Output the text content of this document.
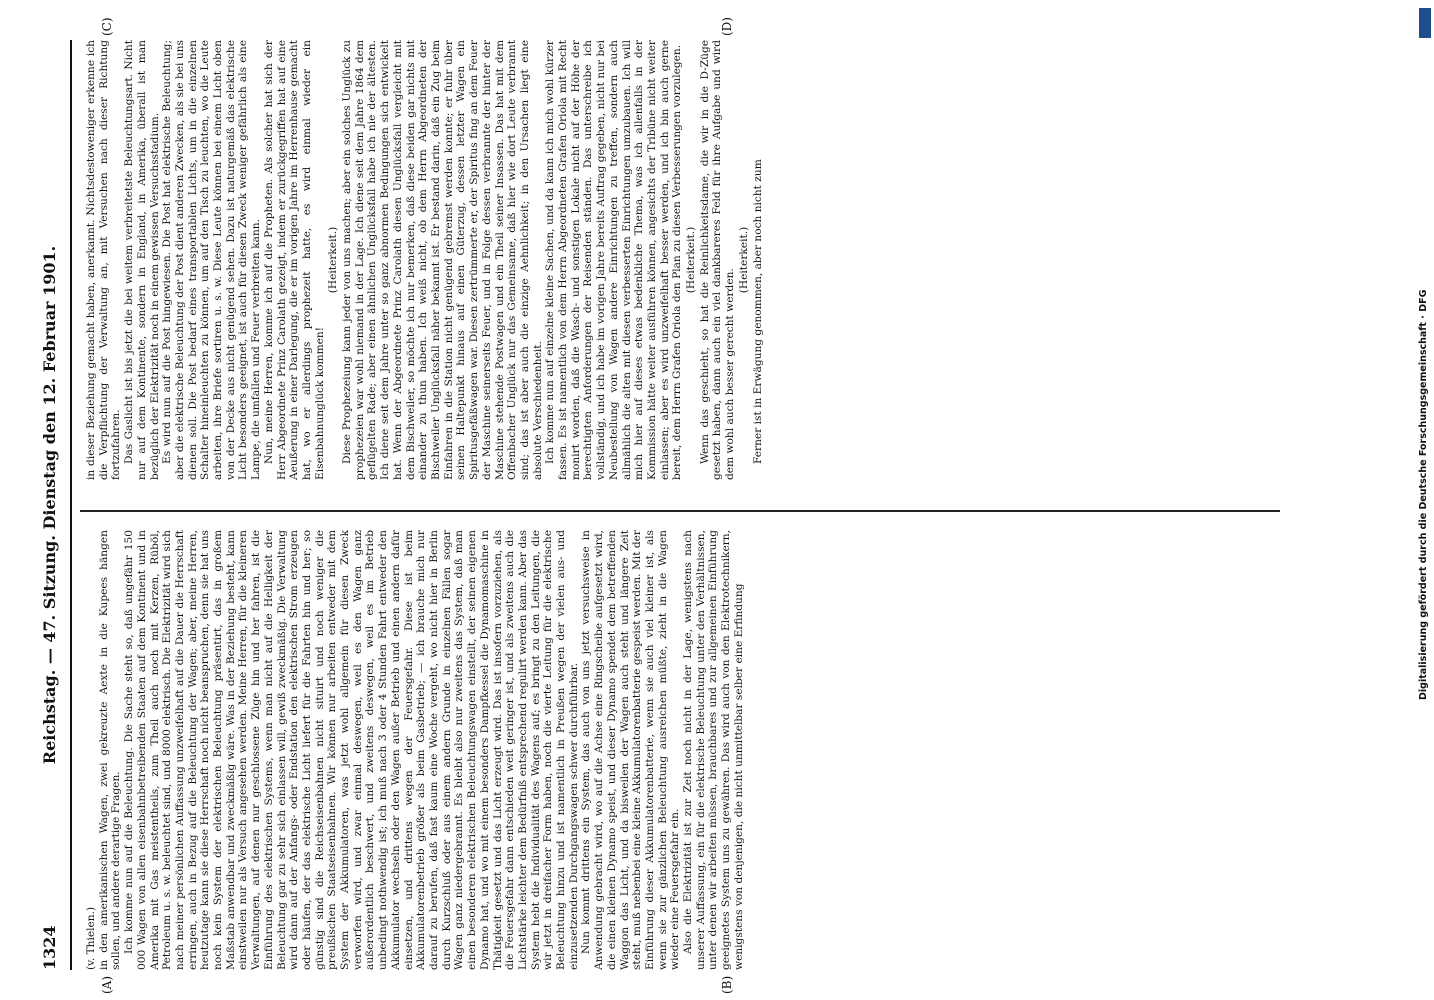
1324
Reichstag. — 47. Sitzung. Dienstag den 12. Februar 1901.
(A)	(B)
(C)	(D)

(v. Thielen.) in den amerikanischen Wagen, zwei gekreuzte Aexte in die Kupees hängen sollen, und andere derartige Fragen. Ich komme nun auf die Beleuchtung. Die Sache steht so, daß ungefähr 150 000 Wagen von allen eisenbahnbetreibenden Staaten auf dem Kontinent und in Amerika mit Gas meistentheils, zum Theil auch noch mit Kerzen, Rüböl, Petroleum u. s. w. beleuchtet sind, und 8000 elektrisch. Die Elektrizität wird sich nach meiner persönlichen Auffassung unzweifelhaft auf die Dauer die Herrschaft erringen, auch in Bezug auf die Beleuchtung der Wagen; aber, meine Herren, heutzutage kann sie diese Herrschaft noch nicht beanspruchen, denn sie hat uns noch kein System der elektrischen Beleuchtung präsentirt, das in großem Maßstab anwendbar und zweckmäßig wäre. Was in der Beziehung besteht, kann einstweilen nur als Versuch angesehen werden. Meine Herren, für die kleineren Verwaltungen, auf denen nur geschlossene Züge hin und her fahren, ist die Einführung des elektrischen Systems, wenn man nicht auf die Helligkeit der Beleuchtung gar zu sehr sich einlassen will, gewiß zweckmäßig. Die Verwaltung wird dann auf der Anfangs- oder Endstation den elektrischen Strom erzeugen oder häufen, der das elektrische Licht liefert für die Fahrten hin und her; so günstig sind die Reichseisenbahnen nicht situirt und noch weniger die preußischen Staatseisenbahnen. Wir können nur arbeiten entweder mit dem System der Akkumulatoren, was jetzt wohl allgemein für diesen Zweck verworfen wird, und zwar einmal deswegen, weil es den Wagen ganz außerordentlich beschwert, und zweitens deswegen, weil es im Betrieb unbedingt nothwendig ist; ich muß nach 3 oder 4 Stunden Fahrt entweder den Akkumulator wechseln oder den Wagen außer Betrieb und einen andern dafür einsetzen, und drittens wegen der Feuersgefahr. Diese ist beim Akkumulatorenbetrieb größer als beim Gasbetrieb; — ich brauche mich nur darauf zu berufen, daß fast kaum eine Woche vergeht, wo nicht hier in Berlin durch Kurzschluß oder aus einem andern Grunde in einzelnen Fällen sogar Wagen ganz niedergebrannt. Es bleibt also nur zweitens das System, daß man einen besonderen elektrischen Beleuchtungswagen einstellt, der seinen eigenen Dynamo hat, und wo mit einem besonders Dampfkessel die Dynamomaschine in Thätigkeit gesetzt und das Licht erzeugt wird. Das ist insofern vorzuziehen, als die Feuersgefahr dann entschieden weit geringer ist, und als zweitens auch die Lichtstärke leichter dem Bedürfniß entsprechend regulirt werden kann. Aber das System hebt die Individualität des Wagens auf; es bringt zu den Leitungen, die wir jetzt in dreifacher Form haben, noch die vierte Leitung für die elektrische Beleuchtung hinzu und ist namentlich in Preußen wegen der vielen aus- und einzusetzenden Durchgangswagen schwer durchführbar. Nun kommt drittens ein System, das auch von uns jetzt versuchsweise in Anwendung gebracht wird, wo auf die Achse eine Ringscheibe aufgesetzt wird, die einen kleinen Dynamo speist, und dieser Dynamo spendet dem betreffenden Waggon das Licht, und da bisweilen der Wagen auch steht und längere Zeit steht, muß nebenbei eine kleine Akkumulatorenbatterie gespeist werden. Mit der Einführung dieser Akkumulatorenbatterie, wenn sie auch viel kleiner ist, als wenn sie zur gänzlichen Beleuchtung ausreichen müßte, zieht in die Wagen wieder eine Feuersgefahr ein. Also die Elektrizität ist zur Zeit noch nicht in der Lage, wenigstens nach unserer Auffassung, ein für die elektrische Beleuchtung unter den Verhältnissen, unter denen wir arbeiten müssen, brauchbares und zur allgemeinen Einführung geeignetes System uns zu gewähren. Das wird auch von den Elektrotechnikern, wenigstens von denjenigen, die nicht unmittelbar selber eine Erfindung

in dieser Beziehung gemacht haben, anerkannt. Nichtsdestoweniger erkenne ich die Verpflichtung der Verwaltung an, mit Versuchen nach dieser Richtung fortzufahren. Das Gaslicht ist bis jetzt die bei weitem verbreitetste Beleuchtungsart. Nicht nur auf dem Kontinente, sondern in England, in Amerika, überall ist man bezüglich der Elektrizität noch in einem gewissen Versuchsstadium. Es wird nun auf die Post hingewiesen. Die Post hat elektrische Beleuchtung; aber die elektrische Beleuchtung der Post dient anderen Zwecken, als sie bei uns dienen soll. Die Post bedarf eines transportablen Lichts, um in die einzelnen Schalter hineinleuchten zu können, um auf den Tisch zu leuchten, wo die Leute arbeiten, ihre Briefe sortiren u. s. w. Diese Leute können bei einem Licht oben von der Decke aus nicht genügend sehen. Dazu ist naturgemäß das elektrische Licht besonders geeignet, ist auch für diesen Zweck weniger gefährlich als eine Lampe, die umfallen und Feuer verbreiten kann. Nun, meine Herren, komme ich auf die Propheten. Als solcher hat sich der Herr Abgeordnete Prinz Carolath gezeigt, indem er zurückgegriffen hat auf eine Aeußerung in einer Darlegung, die er im vorigen Jahre im Herrenhause gemacht hat, wo er allerdings prophezeit hatte, es wird einmal wieder ein Eisenbahnunglück kommen!

(Heiterkeit.) Diese Prophezeiung kann jeder von uns machen; aber ein solches Unglück zu prophezeien war wohl niemand in der Lage. Ich diene seit dem Jahre 1864 dem geflügelten Rade; aber einen ähnlichen Unglücksfall habe ich nie der ältesten. Ich diene seit dem Jahre unter so ganz abnormen Bedingungen sich entwickelt hat. Wenn der Abgeordnete Prinz Carolath diesen Unglücksfall vergleicht mit dem Bischweiler, so möchte ich nur bemerken, daß diese beiden gar nichts mit einander zu thun haben. Ich weiß nicht, ob dem Herrn Abgeordneten der Bischweiler Unglücksfall näher bekannt ist. Er bestand darin, daß ein Zug beim Einfahren in die Station nicht genügend gebremst werden konnte; er fuhr über seinen Haltepunkt hinaus auf einen Güterzug, dessen letzter Wagen ein Spiritusgefäßwagen war. Diesen zertrümmerte er, der Spiritus fing an dem Feuer der Maschine seinerseits Feuer, und in Folge dessen verbrannte der hinter der Maschine stehende Postwagen und ein Theil seiner Insassen. Das hat mit dem Offenbacher Unglück nur das Gemeinsame, daß hier wie dort Leute verbrannt sind; das ist aber auch die einzige Aehnlichkeit; in den Ursachen liegt eine absolute Verschiedenheit. Ich komme nun auf einzelne kleine Sachen, und da kann ich mich wohl kürzer fassen. Es ist namentlich von dem Herrn Abgeordneten Grafen Oriola mit Recht monirt worden, daß die Wasch- und sonstigen Lokale nicht auf der Höhe der berechtigten Anforderungen der Reisenden ständen. Das unterschreibe ich vollständig, und ich habe im vorigen Jahre bereits Auftrag gegeben, nicht nur bei Neubestellung von Wagen andere Einrichtungen zu treffen, sondern auch allmählich die alten mit diesen verbesserten Einrichtungen umzubauen. Ich will mich hier auf dieses etwas bedenkliche Thema, was ich allenfalls in der Kommission hätte weiter ausführen können, angesichts der Tribüne nicht weiter einlassen; aber es wird unzweifelhaft besser werden, und ich bin auch gerne bereit, dem Herrn Grafen Oriola den Plan zu diesen Verbesserungen vorzulegen. (Heiterkeit.) Wenn das geschieht, so hat die Reinlichkeitsdame, die wir in die D-Züge gesetzt haben, dann auch ein viel dankbareres Feld für ihre Aufgabe und wird dem wohl auch besser gerecht werden.

(Heiterkeit.) Ferner ist in Erwägung genommen, aber noch nicht zum	Digitalisierung gefördert durch die Deutsche Forschungsgemeinschaft · DFG
